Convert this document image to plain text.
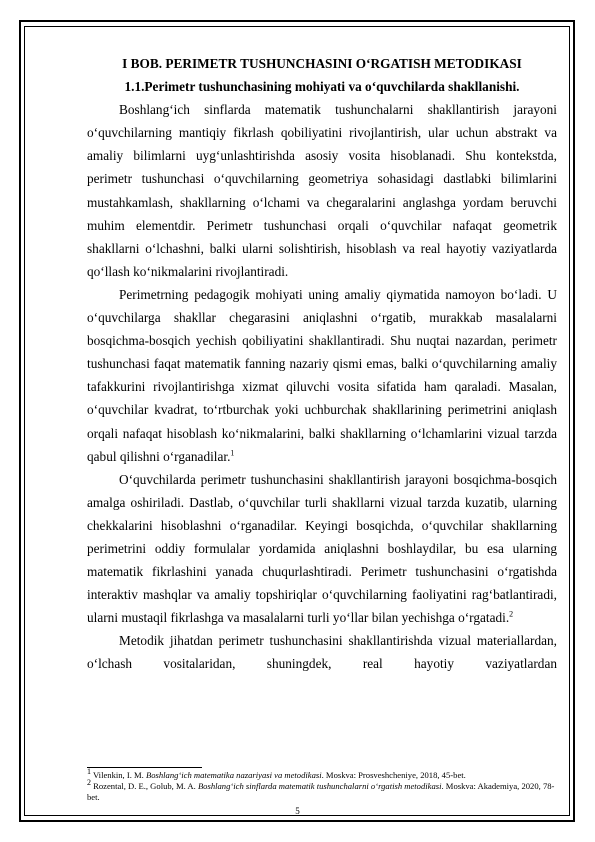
I BOB. PERIMETR TUSHUNCHASINI O‘RGATISH METODIKASI

1.1.Perimetr tushunchasining mohiyati va o‘quvchilarda shakllanishi.

Boshlang‘ich sinflarda matematik tushunchalarni shakllantirish jarayoni o‘quvchilarning mantiqiy fikrlash qobiliyatini rivojlantirish, ular uchun abstrakt va amaliy bilimlarni uyg‘unlashtirishda asosiy vosita hisoblanadi. Shu kontekstda, perimetr tushunchasi o‘quvchilarning geometriya sohasidagi dastlabki bilimlarini mustahkamlash, shakllarning o‘lchami va chegaralarini anglashga yordam beruvchi muhim elementdir. Perimetr tushunchasi orqali o‘quvchilar nafaqat geometrik shakllarni o‘lchashni, balki ularni solishtirish, hisoblash va real hayotiy vaziyatlarda qo‘llash ko‘nikmalarini rivojlantiradi.

Perimetrning pedagogik mohiyati uning amaliy qiymatida namoyon bo‘ladi. U o‘quvchilarga shakllar chegarasini aniqlashni o‘rgatib, murakkab masalalarni bosqichma-bosqich yechish qobiliyatini shakllantiradi. Shu nuqtai nazardan, perimetr tushunchasi faqat matematik fanning nazariy qismi emas, balki o‘quvchilarning amaliy tafakkurini rivojlantirishga xizmat qiluvchi vosita sifatida ham qaraladi. Masalan, o‘quvchilar kvadrat, to‘rtburchak yoki uchburchak shakllarining perimetrini aniqlash orqali nafaqat hisoblash ko‘nikmalarini, balki shakllarning o‘lchamlarini vizual tarzda qabul qilishni o‘rganadilar.$^1$

O‘quvchilarda perimetr tushunchasini shakllantirish jarayoni bosqichma-bosqich amalga oshiriladi. Dastlab, o‘quvchilar turli shakllarni vizual tarzda kuzatib, ularning chekkalarini hisoblashni o‘rganadilar. Keyingi bosqichda, o‘quvchilar shakllarning perimetrini oddiy formulalar yordamida aniqlashni boshlaydilar, bu esa ularning matematik fikrlashini yanada chuqurlashtiradi. Perimetr tushunchasini o‘rgatishda interaktiv mashqlar va amaliy topshiriqlar o‘quvchilarning faoliyatini rag‘batlantiradi, ularni mustaqil fikrlashga va masalalarni turli yo‘llar bilan yechishga o‘rgatadi.$^2$

Metodik jihatdan perimetr tushunchasini shakllantirishda vizual materiallardan, o‘lchash vositalaridan, shuningdek, real hayotiy vaziyatlardan

$^1$ Vilenkin, I. M. Boshlang‘ich matematika nazariyasi va metodikasi. Moskva: Prosveshcheniye, 2018, 45-bet.

$^2$ Rozental, D. E., Golub, M. A. Boshlang‘ich sinflarda matematik tushunchalarni o‘rgatish metodikasi. Moskva: Akademiya, 2020, 78-bet.

5
